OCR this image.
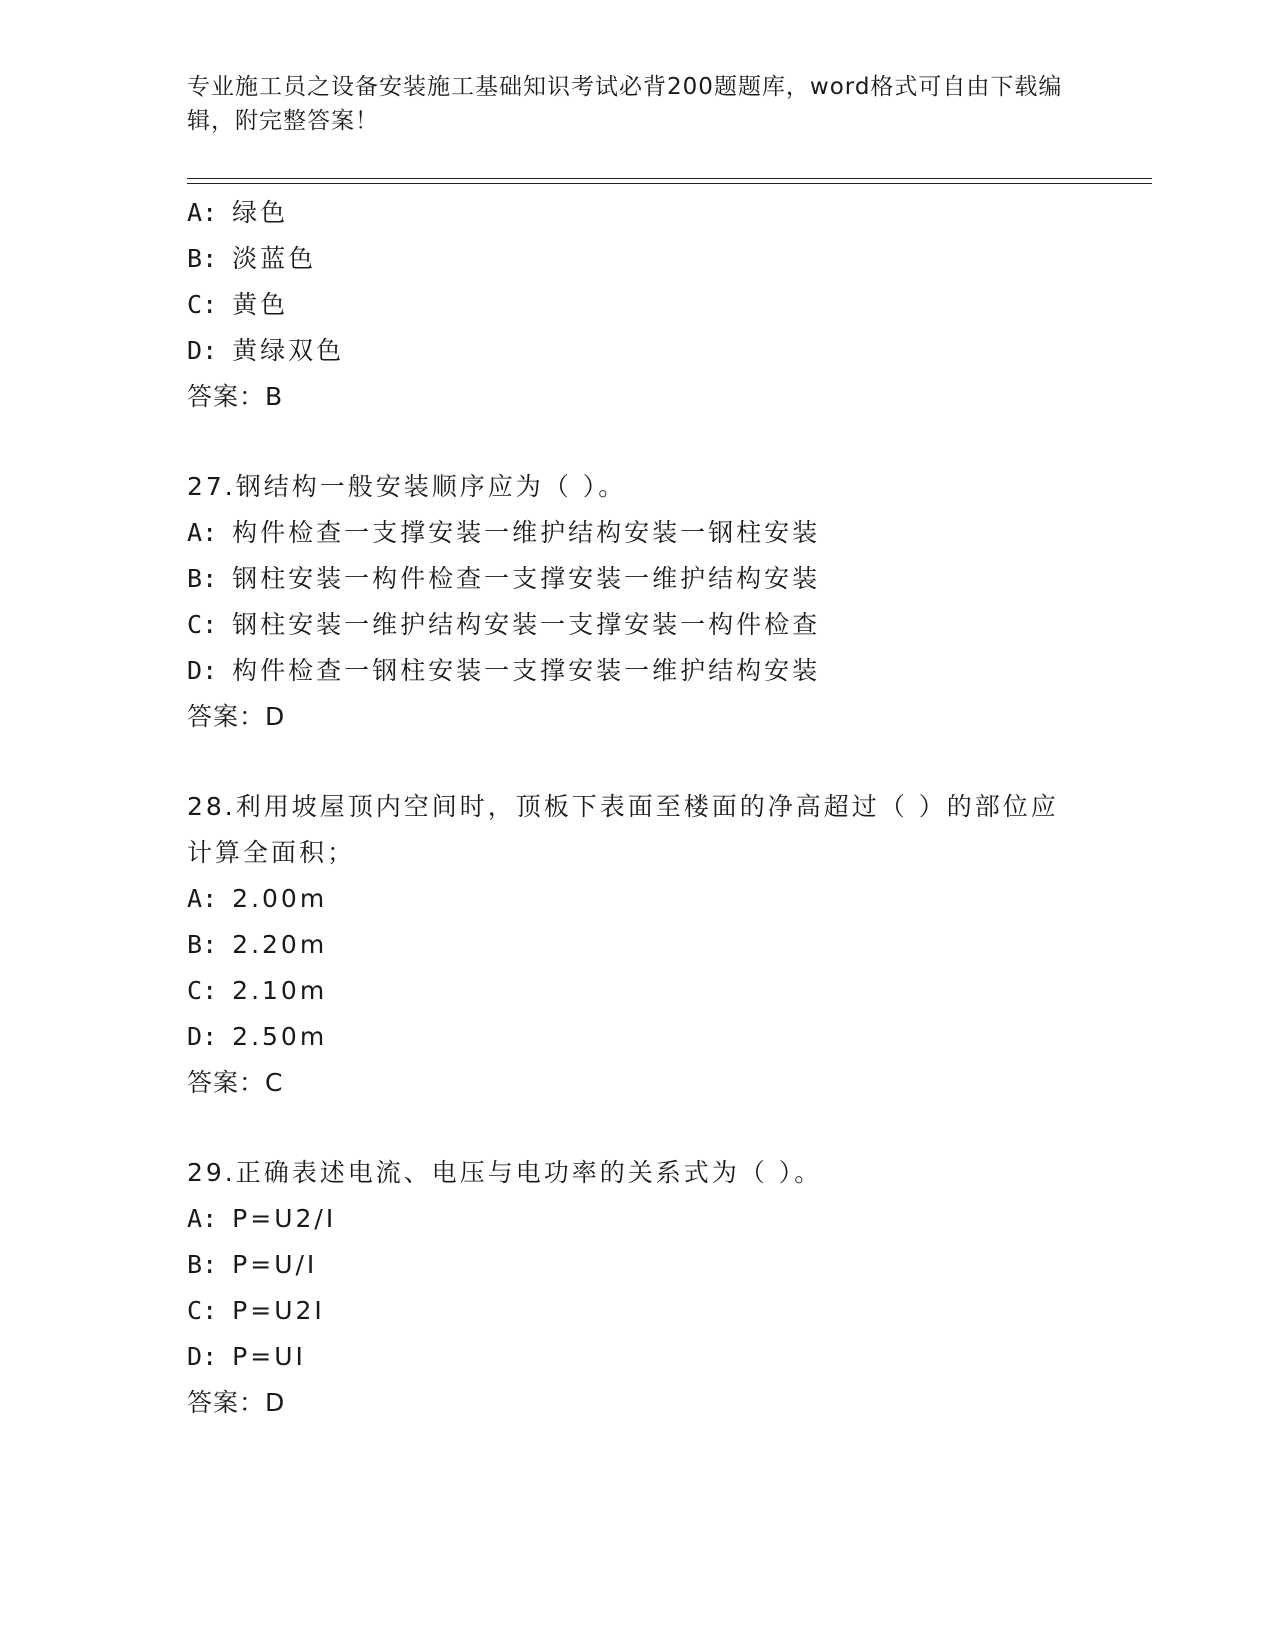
专业施工员之设备安装施工基础知识考试必背200题题库，word格式可自由下载编辑，附完整答案！
A: 绿色
B: 淡蓝色
C: 黄色
D: 黄绿双色
答案：B
27.钢结构一般安装顺序应为（ ）。
A: 构件检查一支撑安装一维护结构安装一钢柱安装
B: 钢柱安装一构件检查一支撑安装一维护结构安装
C: 钢柱安装一维护结构安装一支撑安装一构件检查
D: 构件检查一钢柱安装一支撑安装一维护结构安装
答案：D
28.利用坡屋顶内空间时，顶板下表面至楼面的净高超过（ ）的部位应计算全面积；
A: 2.00m
B: 2.20m
C: 2.10m
D: 2.50m
答案：C
29.正确表述电流、电压与电功率的关系式为（ ）。
A: P=U2/I
B: P=U/I
C: P=U2I
D: P=UI
答案：D
